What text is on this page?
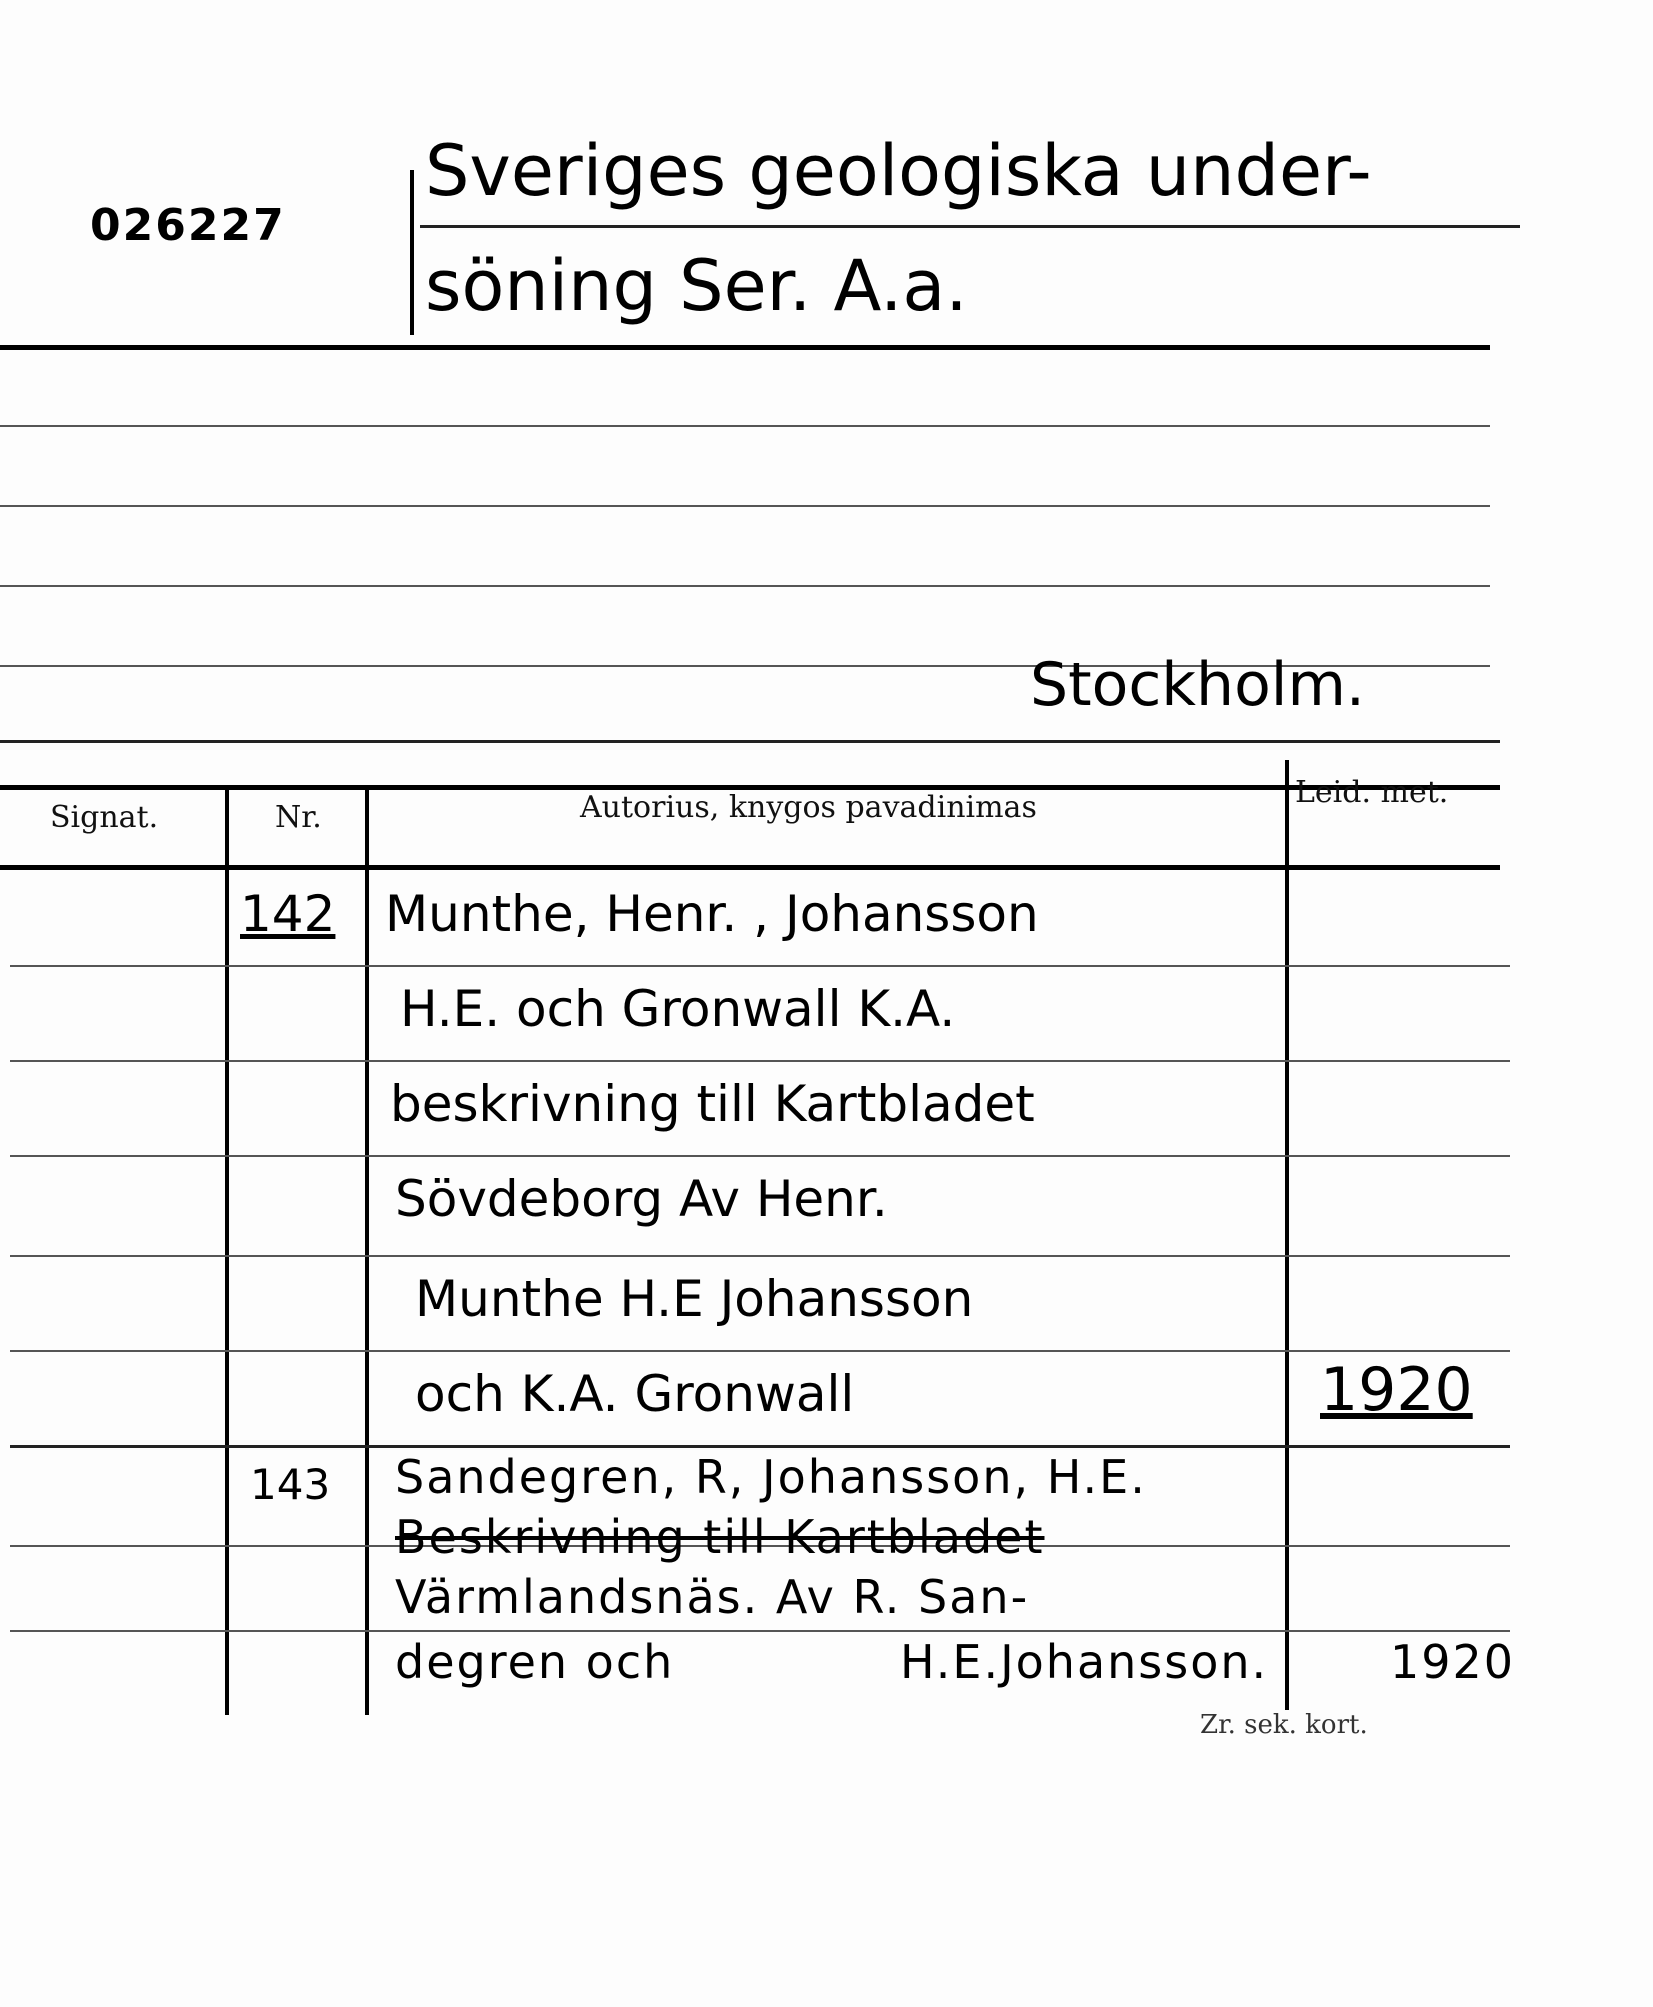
026227
Sveriges geologiska under-
söning Ser. A.a.
Stockholm.
Signat.	Nr.	Autorius, knygos pavadinimas	Leid. met.
142 Munthe, Henr. , Johansson
H.E. och Gronwall K.A.
beskrivning till Kartbladet
Sövdeborg Av Henr.
Munthe H.E Johansson
och K.A. Gronwall	1920
143 Sandegren, R, Johansson, H.E.
Beskrivning till Kartbladet
Värmlandsnäs. Av R. San-
degren och	H.E.Johansson.	1920
Zr. sek. kort.
